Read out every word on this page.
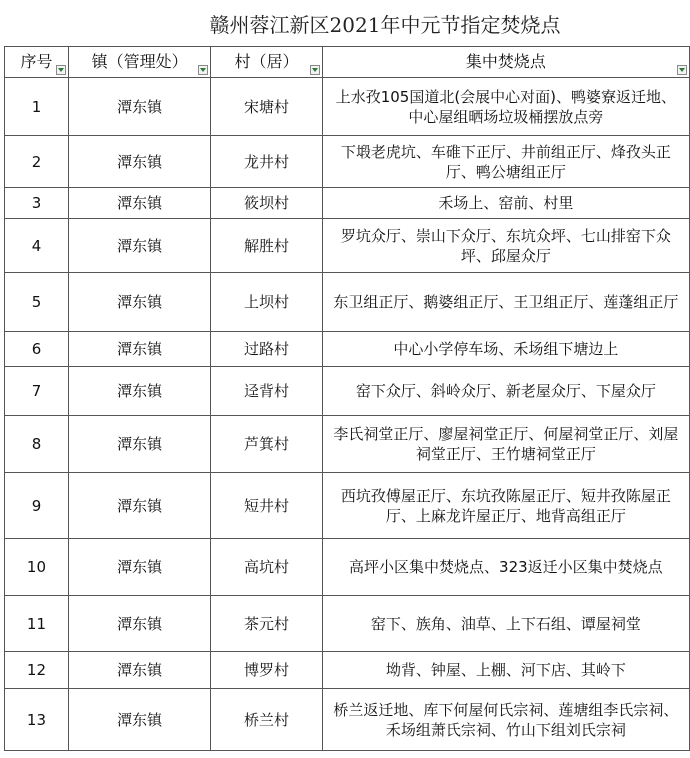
赣州蓉江新区2021年中元节指定焚烧点
序号	镇（管理处）	村（居）	集中焚烧点

1	潭东镇	宋塘村	上水孜105国道北(会展中心对面)、鸭婆寮返迁地、中心屋组晒场垃圾桶摆放点旁
2	潭东镇	龙井村	下塅老虎坑、车碓下正厅、井前组正厅、烽孜头正厅、鸭公塘组正厅
3	潭东镇	筱坝村	禾场上、窑前、村里
4	潭东镇	解胜村	罗坑众厅、崇山下众厅、东坑众坪、七山排窑下众坪、邱屋众厅
5	潭东镇	上坝村	东卫组正厅、鹅婆组正厅、王卫组正厅、莲蓬组正厅
6	潭东镇	过路村	中心小学停车场、禾场组下塘边上
7	潭东镇	迳背村	窑下众厅、斜岭众厅、新老屋众厅、下屋众厅
8	潭东镇	芦箕村	李氏祠堂正厅、廖屋祠堂正厅、何屋祠堂正厅、刘屋祠堂正厅、王竹塘祠堂正厅
9	潭东镇	短井村	西坑孜傅屋正厅、东坑孜陈屋正厅、短井孜陈屋正厅、上麻龙许屋正厅、地背高组正厅
10	潭东镇	高坑村	高坪小区集中焚烧点、323返迁小区集中焚烧点
11	潭东镇	茶元村	窑下、族角、油草、上下石组、谭屋祠堂
12	潭东镇	博罗村	坳背、钟屋、上棚、河下店、其岭下
13	潭东镇	桥兰村	桥兰返迁地、库下何屋何氏宗祠、莲塘组李氏宗祠、禾场组萧氏宗祠、竹山下组刘氏宗祠
